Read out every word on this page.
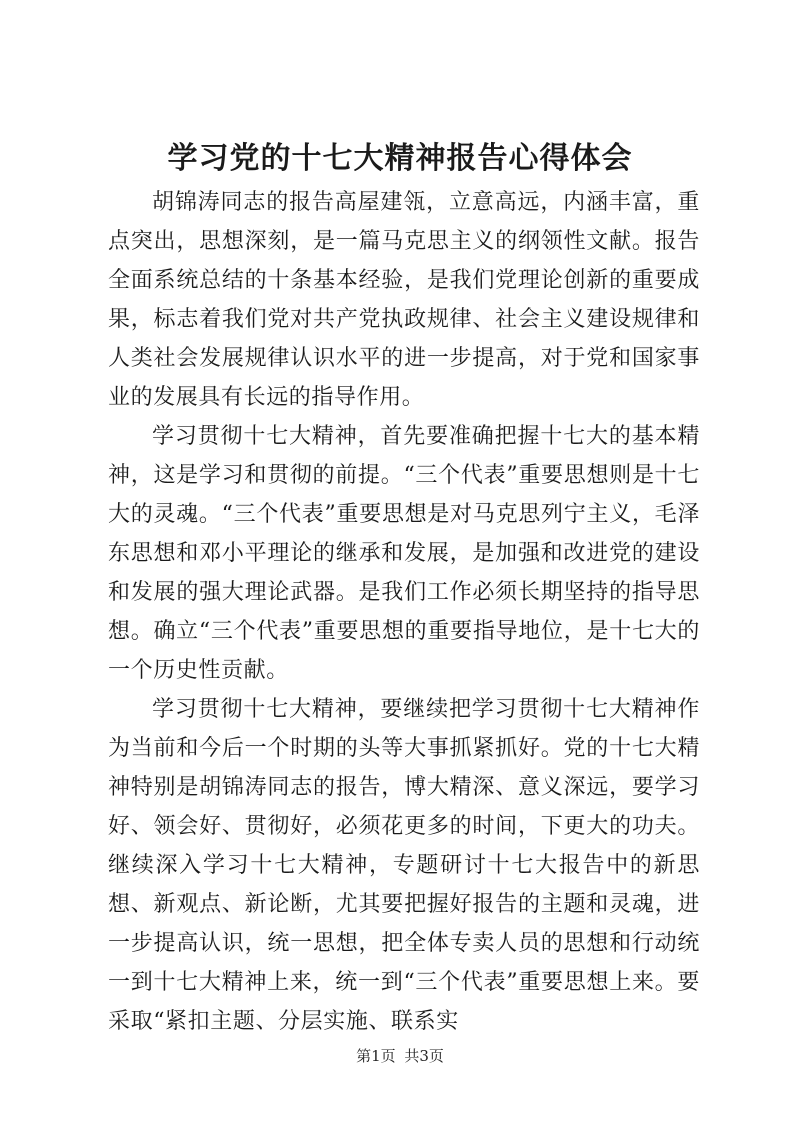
学习党的十七大精神报告心得体会

胡锦涛同志的报告高屋建瓴，立意高远，内涵丰富，重点突出，思想深刻，是一篇马克思主义的纲领性文献。报告全面系统总结的十条基本经验，是我们党理论创新的重要成果，标志着我们党对共产党执政规律、社会主义建设规律和人类社会发展规律认识水平的进一步提高，对于党和国家事业的发展具有长远的指导作用。

学习贯彻十七大精神，首先要准确把握十七大的基本精神，这是学习和贯彻的前提。“三个代表”重要思想则是十七大的灵魂。“三个代表”重要思想是对马克思列宁主义，毛泽东思想和邓小平理论的继承和发展，是加强和改进党的建设和发展的强大理论武器。是我们工作必须长期坚持的指导思想。确立“三个代表”重要思想的重要指导地位，是十七大的一个历史性贡献。

学习贯彻十七大精神，要继续把学习贯彻十七大精神作为当前和今后一个时期的头等大事抓紧抓好。党的十七大精神特别是胡锦涛同志的报告，博大精深、意义深远，要学习好、领会好、贯彻好，必须花更多的时间，下更大的功夫。继续深入学习十七大精神，专题研讨十七大报告中的新思想、新观点、新论断，尤其要把握好报告的主题和灵魂，进一步提高认识，统一思想，把全体专卖人员的思想和行动统一到十七大精神上来，统一到“三个代表”重要思想上来。要采取“紧扣主题、分层实施、联系实

第1页 共3页
